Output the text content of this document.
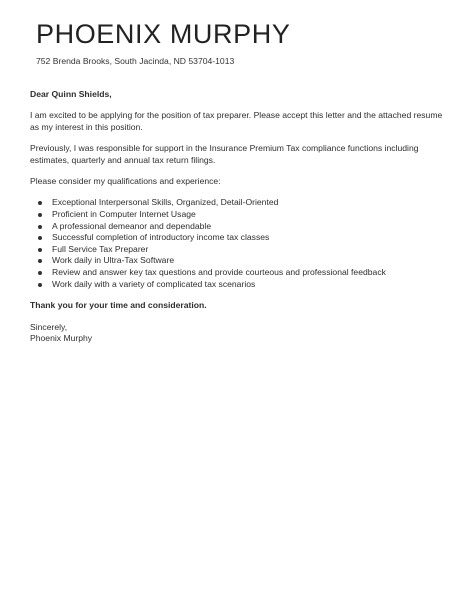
PHOENIX MURPHY
752 Brenda Brooks, South Jacinda, ND 53704-1013

Dear Quinn Shields,

I am excited to be applying for the position of tax preparer. Please accept this letter and the attached resume as my interest in this position.

Previously, I was responsible for support in the Insurance Premium Tax compliance functions including estimates, quarterly and annual tax return filings.

Please consider my qualifications and experience:

Exceptional Interpersonal Skills, Organized, Detail-Oriented
Proficient in Computer Internet Usage
A professional demeanor and dependable
Successful completion of introductory income tax classes
Full Service Tax Preparer
Work daily in Ultra-Tax Software
Review and answer key tax questions and provide courteous and professional feedback
Work daily with a variety of complicated tax scenarios

Thank you for your time and consideration.

Sincerely,

Phoenix Murphy
